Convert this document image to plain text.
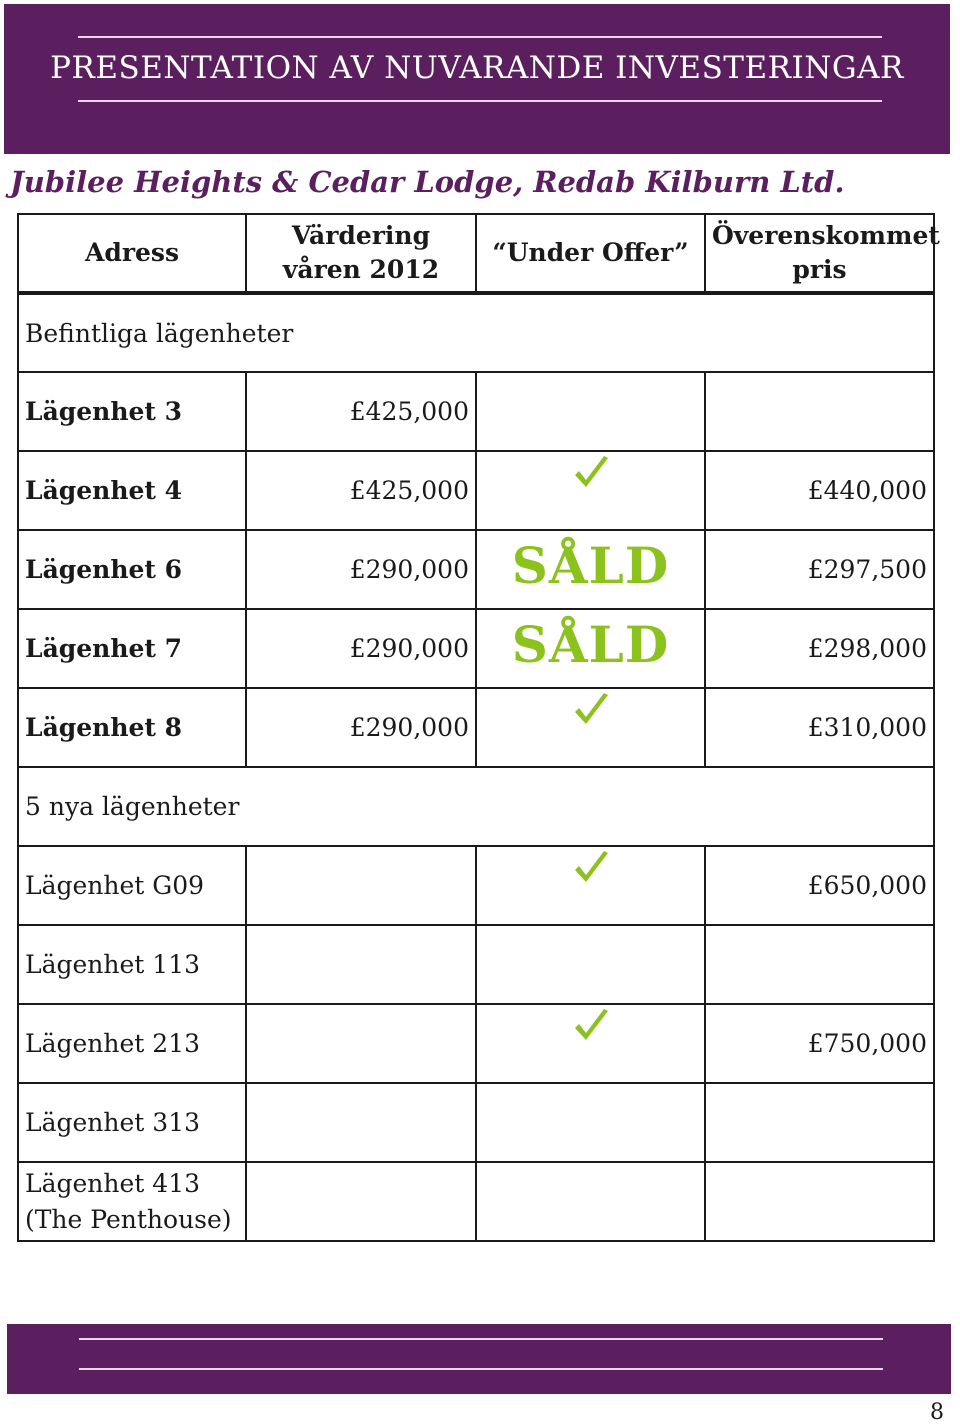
PRESENTATION AV NUVARANDE INVESTERINGAR
Jubilee Heights & Cedar Lodge, Redab Kilburn Ltd.
Adress	Värdering våren 2012	“Under Offer”	Överenskommet pris
Befintliga lägenheter			
Lägenhet 3	£425,000		
Lägenhet 4	£425,000		£440,000
Lägenhet 6	£290,000	SÅLD	£297,500
Lägenhet 7	£290,000	SÅLD	£298,000
Lägenhet 8	£290,000		£310,000
5 nya lägenheter			
Lägenhet G09			£650,000
Lägenhet 113			
Lägenhet 213			£750,000
Lägenhet 313			
Lägenhet 413 (The Penthouse)			
8
